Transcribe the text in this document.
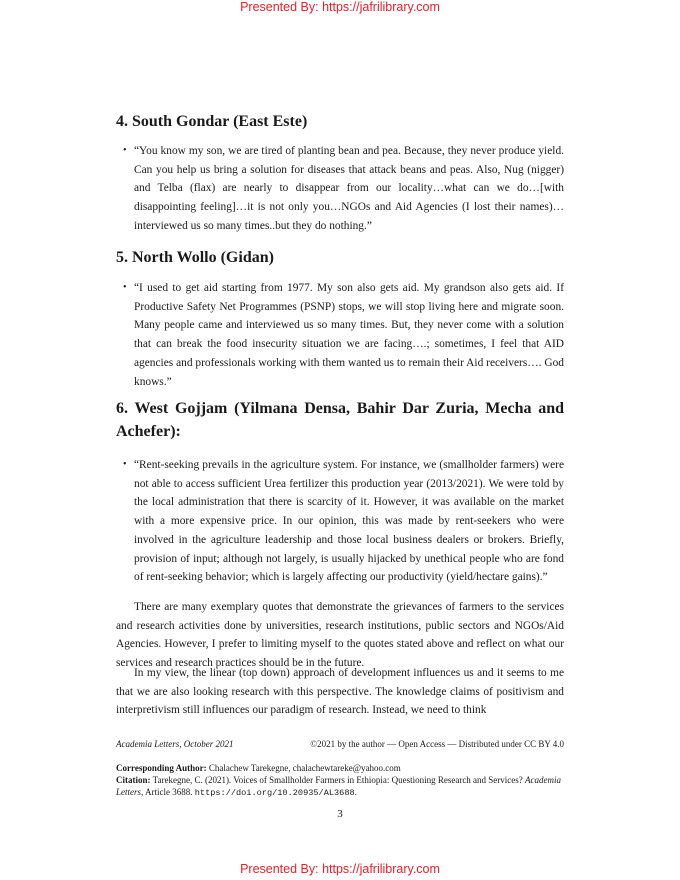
Presented By: https://jafrilibrary.com
4. South Gondar (East Este)
• “You know my son, we are tired of planting bean and pea. Because, they never produce yield. Can you help us bring a solution for diseases that attack beans and peas. Also, Nug (nigger) and Telba (flax) are nearly to disappear from our locality…what can we do…[with disappointing feeling]…it is not only you…NGOs and Aid Agencies (I lost their names)…interviewed us so many times..but they do nothing.”
5. North Wollo (Gidan)
• “I used to get aid starting from 1977. My son also gets aid. My grandson also gets aid. If Productive Safety Net Programmes (PSNP) stops, we will stop living here and migrate soon. Many people came and interviewed us so many times. But, they never come with a solution that can break the food insecurity situation we are facing….; sometimes, I feel that AID agencies and professionals working with them wanted us to remain their Aid receivers…. God knows.”
6. West Gojjam (Yilmana Densa, Bahir Dar Zuria, Mecha and Achefer):
• “Rent-seeking prevails in the agriculture system. For instance, we (smallholder farmers) were not able to access sufficient Urea fertilizer this production year (2013/2021). We were told by the local administration that there is scarcity of it. However, it was available on the market with a more expensive price. In our opinion, this was made by rent-seekers who were involved in the agriculture leadership and those local business dealers or brokers. Briefly, provision of input; although not largely, is usually hijacked by unethical people who are fond of rent-seeking behavior; which is largely affecting our productivity (yield/hectare gains).”
There are many exemplary quotes that demonstrate the grievances of farmers to the services and research activities done by universities, research institutions, public sectors and NGOs/Aid Agencies. However, I prefer to limiting myself to the quotes stated above and reflect on what our services and research practices should be in the future.
In my view, the linear (top down) approach of development influences us and it seems to me that we are also looking research with this perspective. The knowledge claims of positivism and interpretivism still influences our paradigm of research. Instead, we need to think
Academia Letters, October 2021	©2021 by the author — Open Access — Distributed under CC BY 4.0
Corresponding Author: Chalachew Tarekegne, chalachewtareke@yahoo.com
Citation: Tarekegne, C. (2021). Voices of Smallholder Farmers in Ethiopia: Questioning Research and Services? Academia Letters, Article 3688. https://doi.org/10.20935/AL3688.
3
Presented By: https://jafrilibrary.com
